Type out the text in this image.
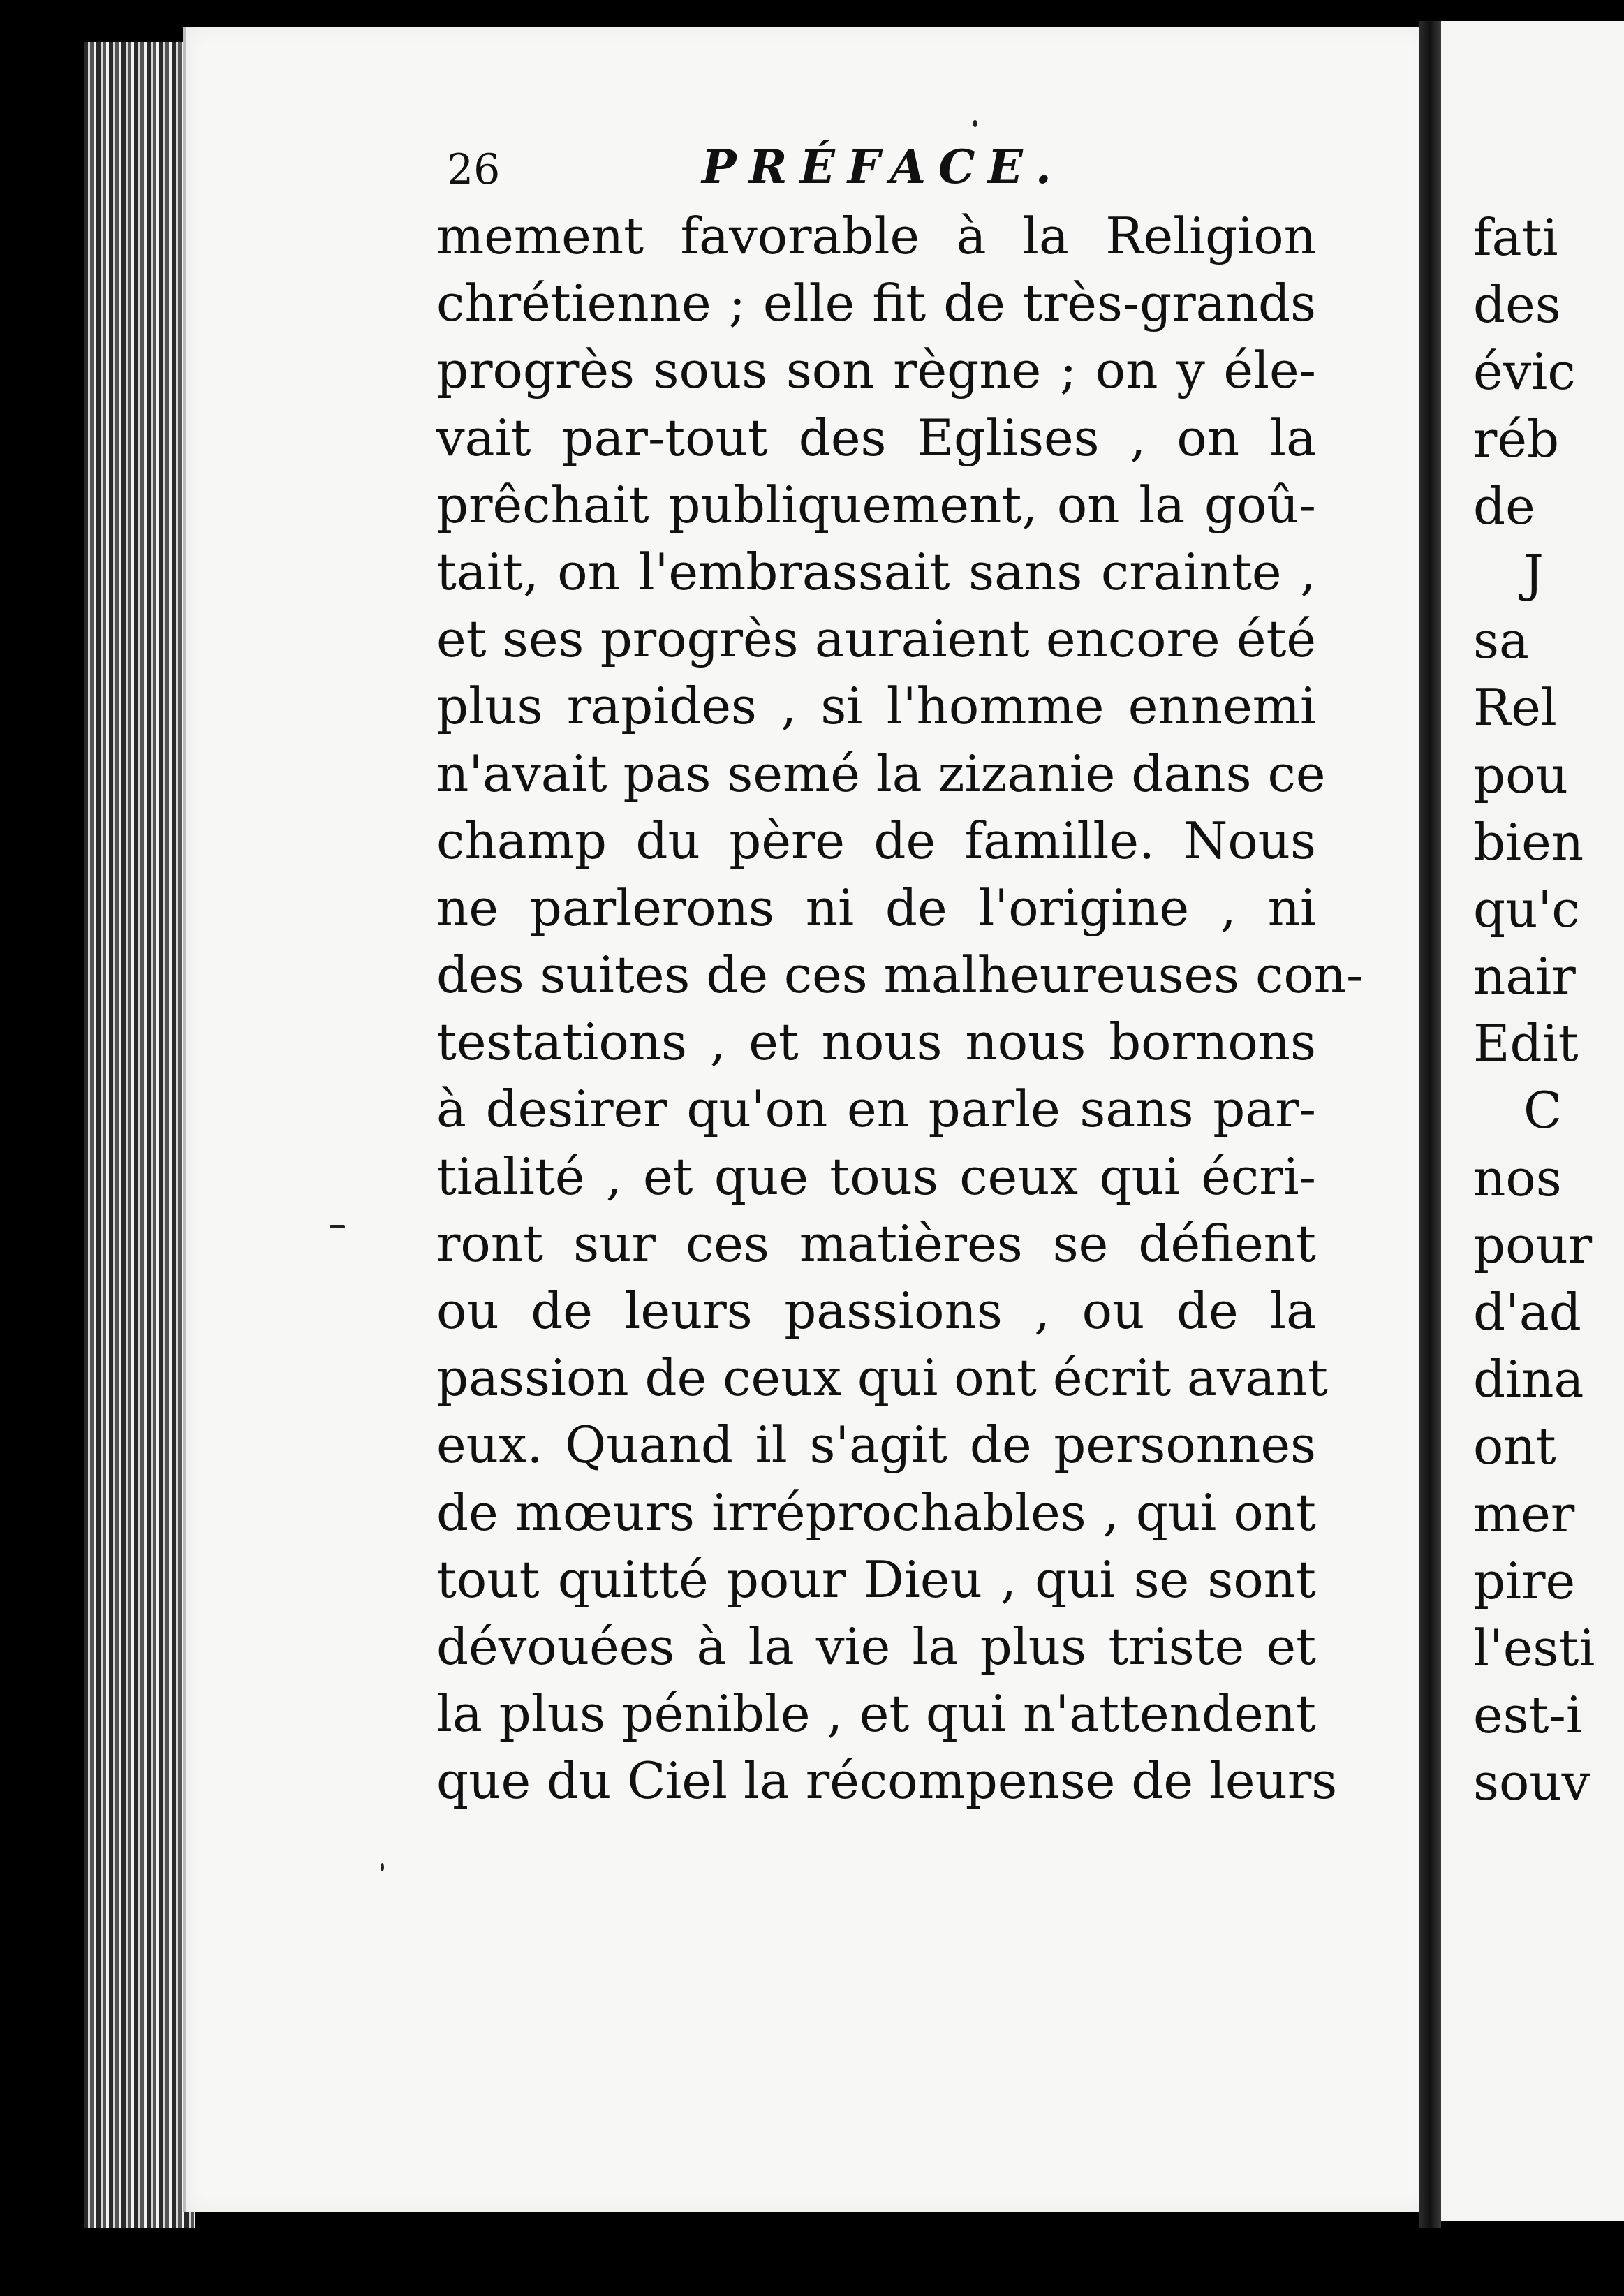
26	PRÉFACE.
mement favorable à la Religion
chrétienne ; elle fit de très-grands
progrès sous son règne ; on y éle-
vait par-tout des Eglises , on la
prêchait publiquement, on la goû-
tait, on l'embrassait sans crainte ,
et ses progrès auraient encore été
plus rapides , si l'homme ennemi
n'avait pas semé la zizanie dans ce
champ du père de famille. Nous
ne parlerons ni de l'origine , ni
des suites de ces malheureuses con-
testations , et nous nous bornons
à desirer qu'on en parle sans par-
tialité , et que tous ceux qui écri-
ront sur ces matières se défient
ou de leurs passions , ou de la
passion de ceux qui ont écrit avant
eux. Quand il s'agit de personnes
de mœurs irréprochables , qui ont
tout quitté pour Dieu , qui se sont
dévouées à la vie la plus triste et
la plus pénible , et qui n'attendent
que du Ciel la récompense de leurs
fati
des
évic
réb
de
J
sa
Rel
pou
bien
qu'c
nair
Edit
C
nos
pour
d'ad
dina
ont
mer
pire
l'esti
est-i
souv
